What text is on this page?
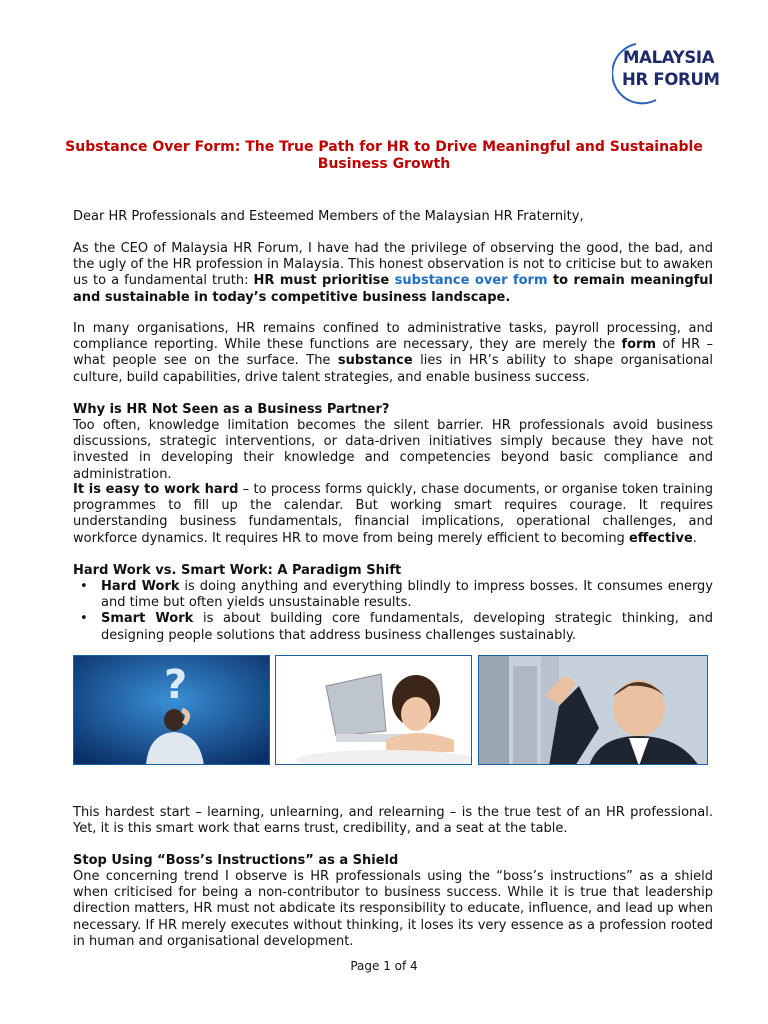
MALAYSIA
HR FORUM
Substance Over Form: The True Path for HR to Drive Meaningful and Sustainable Business Growth
Dear HR Professionals and Esteemed Members of the Malaysian HR Fraternity,
As the CEO of Malaysia HR Forum, I have had the privilege of observing the good, the bad, and the ugly of the HR profession in Malaysia. This honest observation is not to criticise but to awaken us to a fundamental truth: HR must prioritise substance over form to remain meaningful and sustainable in today’s competitive business landscape.
In many organisations, HR remains confined to administrative tasks, payroll processing, and compliance reporting. While these functions are necessary, they are merely the form of HR – what people see on the surface. The substance lies in HR’s ability to shape organisational culture, build capabilities, drive talent strategies, and enable business success.
Why is HR Not Seen as a Business Partner?
Too often, knowledge limitation becomes the silent barrier. HR professionals avoid business discussions, strategic interventions, or data-driven initiatives simply because they have not invested in developing their knowledge and competencies beyond basic compliance and administration.
It is easy to work hard – to process forms quickly, chase documents, or organise token training programmes to fill up the calendar. But working smart requires courage. It requires understanding business fundamentals, financial implications, operational challenges, and workforce dynamics. It requires HR to move from being merely efficient to becoming effective.
Hard Work vs. Smart Work: A Paradigm Shift
• Hard Work is doing anything and everything blindly to impress bosses. It consumes energy and time but often yields unsustainable results.
• Smart Work is about building core fundamentals, developing strategic thinking, and designing people solutions that address business challenges sustainably.
?
This hardest start – learning, unlearning, and relearning – is the true test of an HR professional. Yet, it is this smart work that earns trust, credibility, and a seat at the table.
Stop Using “Boss’s Instructions” as a Shield
One concerning trend I observe is HR professionals using the “boss’s instructions” as a shield when criticised for being a non-contributor to business success. While it is true that leadership direction matters, HR must not abdicate its responsibility to educate, influence, and lead up when necessary. If HR merely executes without thinking, it loses its very essence as a profession rooted in human and organisational development.
Page 1 of 4
